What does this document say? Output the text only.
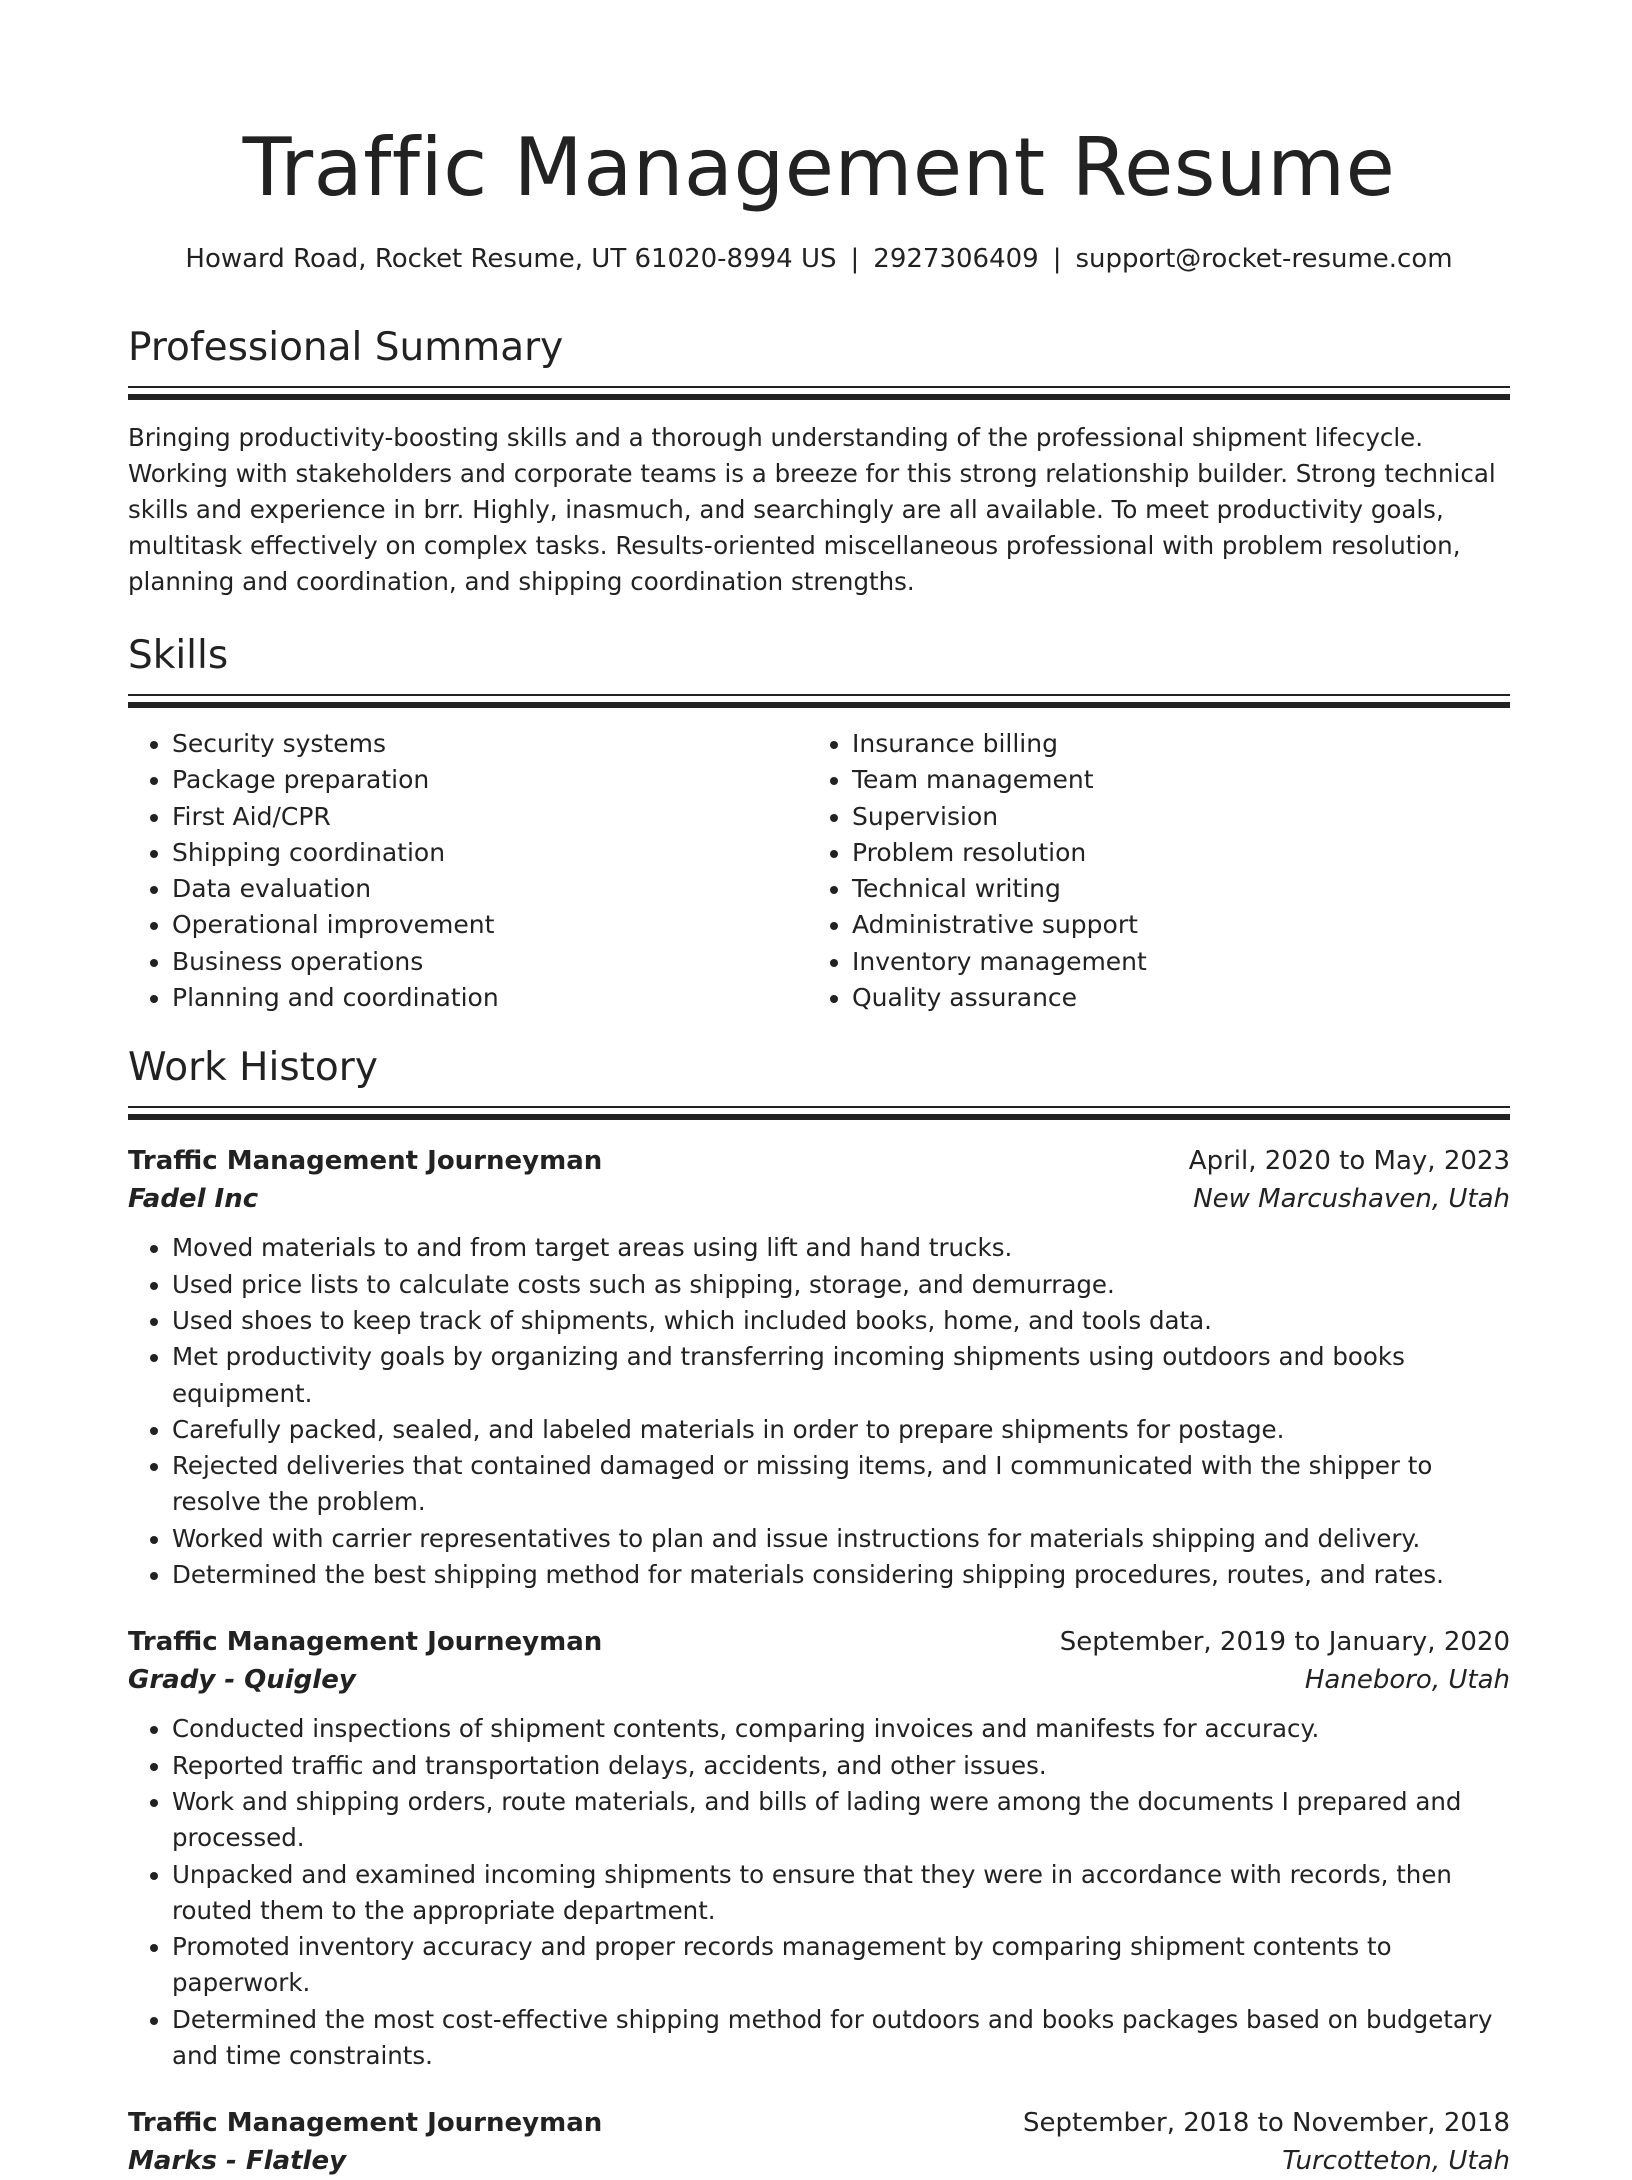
Traffic Management Resume
Howard Road, Rocket Resume, UT 61020-8994 US | 2927306409 | support@rocket-resume.com
Professional Summary

Bringing productivity-boosting skills and a thorough understanding of the professional shipment lifecycle. Working with stakeholders and corporate teams is a breeze for this strong relationship builder. Strong technical skills and experience in brr. Highly, inasmuch, and searchingly are all available. To meet productivity goals, multitask effectively on complex tasks. Results-oriented miscellaneous professional with problem resolution, planning and coordination, and shipping coordination strengths.

Skills
• Security systems
• Package preparation
• First Aid/CPR
• Shipping coordination
• Data evaluation
• Operational improvement
• Business operations
• Planning and coordination
• Insurance billing
• Team management
• Supervision
• Problem resolution
• Technical writing
• Administrative support
• Inventory management
• Quality assurance
Work History
Traffic Management Journeyman	April, 2020 to May, 2023
Fadel Inc	New Marcushaven, Utah
• Moved materials to and from target areas using lift and hand trucks.
• Used price lists to calculate costs such as shipping, storage, and demurrage.
• Used shoes to keep track of shipments, which included books, home, and tools data.
• Met productivity goals by organizing and transferring incoming shipments using outdoors and books equipment.
• Carefully packed, sealed, and labeled materials in order to prepare shipments for postage.
• Rejected deliveries that contained damaged or missing items, and I communicated with the shipper to resolve the problem.
• Worked with carrier representatives to plan and issue instructions for materials shipping and delivery.
• Determined the best shipping method for materials considering shipping procedures, routes, and rates.
Traffic Management Journeyman	September, 2019 to January, 2020
Grady - Quigley	Haneboro, Utah
• Conducted inspections of shipment contents, comparing invoices and manifests for accuracy.
• Reported traffic and transportation delays, accidents, and other issues.
• Work and shipping orders, route materials, and bills of lading were among the documents I prepared and processed.
• Unpacked and examined incoming shipments to ensure that they were in accordance with records, then routed them to the appropriate department.
• Promoted inventory accuracy and proper records management by comparing shipment contents to paperwork.
• Determined the most cost-effective shipping method for outdoors and books packages based on budgetary and time constraints.
Traffic Management Journeyman	September, 2018 to November, 2018
Marks - Flatley	Turcotteton, Utah
